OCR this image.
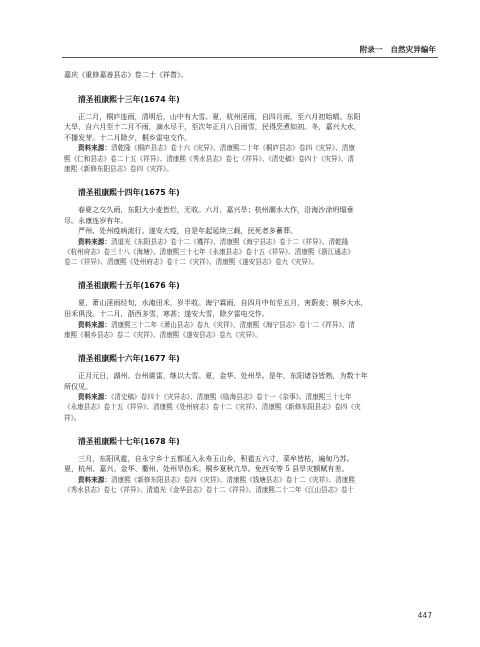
附录一   自然灾异编年
嘉庆《重修嘉善县志》卷二十《祥眚》。
清圣祖康熙十三年(1674 年)
正二月，桐庐连雨，清明后，山中有大雪。夏，杭州淫雨，自四月雨，至六月初始晴。东阳
大旱，自六月至十二月不雨，滴水尽干，至次年正月八日雨雪，民得烹煮如初。冬，嘉兴大水，
不播发芽。十二月除夕，桐乡雷电交作。
资料来源：清乾隆《桐庐县志》卷十六《灾异》、清康熙二十年《桐庐县志》卷四《灾异》、清康
熙《仁和县志》卷二十五《祥异》、清康熙《秀水县志》卷七《祥异》、《清史稿》卷四十《灾异》、清
康熙《新修东阳县志》卷四《灾祥》。
清圣祖康熙十四年(1675 年)
春夏之交久雨，东阳大小麦皆烂，无收。六月，嘉兴旱；杭州潮水大作，沿海沙涂坍塌垂
尽。永康连岁有年。
严州、处州疫病流行。遂安大疫，自是年起延续三载，民死者多蓄葬。
资料来源：清道光《东阳县志》卷十二《禨祥》、清康熙《海宁县志》卷十二《祥异》、清乾隆
《杭州府志》卷三十八《海塘》、清康熙三十七年《永康县志》卷十五《祥异》、清康熙《浙江通志》
卷二《祥异》、清康熙《处州府志》卷十二《灾祥》、清康熙《遂安县志》卷九《灾异》。
清圣祖康熙十五年(1676 年)
夏，萧山淫雨经旬，水淹田禾，岁半收。海宁霖雨，自四月中旬至五月，害蔚麦；桐乡大水，
田禾俱没。十二月，浙西多雪，寒甚；遂安大雪，除夕雷电交作。
资料来源：清康熙三十二年《萧山县志》卷九《灾祥》、清康熙《海宁县志》卷十二《祥异》、清
康熙《桐乡县志》卷二《灾祥》、清康熙《遂安县志》卷九《灾异》。
清圣祖康熙十六年(1677 年)
正月元日，湖州、台州震雷，继以大雪。夏，金华、处州旱。是年，东阳诸谷皆熟，为数十年
所仅见。
资料来源：《清史稿》卷四十《灾异志》、清康熙《临海县志》卷十一《杂事》、清康熙三十七年
《永康县志》卷十五《祥异》、清康熙《处州府志》卷十二《灾祥》、清康熙《新修东阳县志》卷四《灾
祥》。
清圣祖康熙十七年(1678 年)
三月，东阳风雹，自永宁乡十五都延入永寿玉山乡，积雹五六寸，菜牟皆枯，遍甸乃苏。
夏，杭州、嘉兴、金华、衢州、处州旱伤禾。桐乡夏秋亢旱。免西安等 5 县旱灾额赋有差。
资料来源：清康熙《新修东阳县志》卷四《灾祥》、清康熙《钱塘县志》卷十二《灾祥》、清康熙
《秀水县志》卷七《祥异》、清道光《金华县志》卷十二《祥异》、清康熙二十二年《江山县志》卷十
447
